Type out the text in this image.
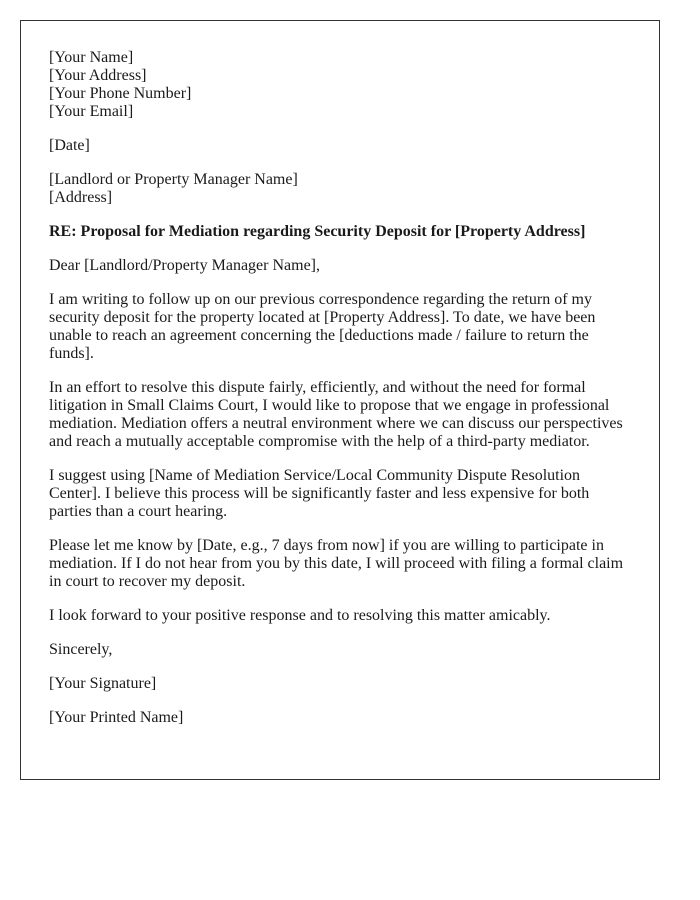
[Your Name]
[Your Address]
[Your Phone Number]
[Your Email]
[Date]
[Landlord or Property Manager Name]
[Address]

RE: Proposal for Mediation regarding Security Deposit for [Property Address]

Dear [Landlord/Property Manager Name],

I am writing to follow up on our previous correspondence regarding the return of my security deposit for the property located at [Property Address]. To date, we have been unable to reach an agreement concerning the [deductions made / failure to return the funds].

In an effort to resolve this dispute fairly, efficiently, and without the need for formal litigation in Small Claims Court, I would like to propose that we engage in professional mediation. Mediation offers a neutral environment where we can discuss our perspectives and reach a mutually acceptable compromise with the help of a third-party mediator.

I suggest using [Name of Mediation Service/Local Community Dispute Resolution Center]. I believe this process will be significantly faster and less expensive for both parties than a court hearing.

Please let me know by [Date, e.g., 7 days from now] if you are willing to participate in mediation. If I do not hear from you by this date, I will proceed with filing a formal claim in court to recover my deposit.

I look forward to your positive response and to resolving this matter amicably.

Sincerely,

[Your Signature]

[Your Printed Name]
